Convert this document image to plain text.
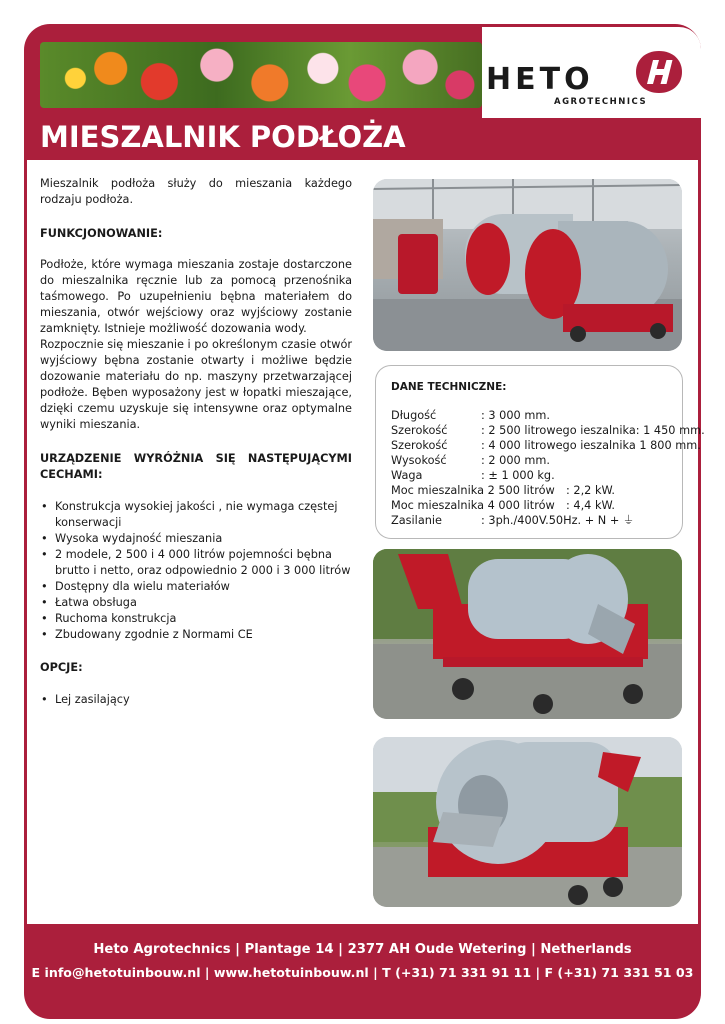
HETO
AGROTECHNICS
MIESZALNIK PODŁOŻA

Mieszalnik podłoża służy do mieszania każdego rodzaju podłoża.

FUNKCJONOWANIE:

Podłoże, które wymaga mieszania zostaje dostarczone do mieszalnika ręcznie lub za pomocą przenośnika taśmowego. Po uzupełnieniu bębna materiałem do mieszania, otwór wejściowy oraz wyjściowy zostanie zamknięty. Istnieje możliwość dozowania wody.

Rozpocznie się mieszanie i po określonym czasie otwór wyjściowy bębna zostanie otwarty i możliwe będzie dozowanie materiału do np. maszyny przetwarzającej podłoże. Bęben wyposażony jest w łopatki mieszające, dzięki czemu uzyskuje się intensywne oraz optymalne wyniki mieszania.

URZĄDZENIE WYRÓŻNIA SIĘ NASTĘPUJĄCYMI CECHAMI:

• Konstrukcja wysokiej jakości , nie wymaga częstej konserwacji
• Wysoka wydajność mieszania
• 2 modele, 2 500 i 4 000 litrów pojemności bębna brutto i netto, oraz odpowiednio 2 000 i 3 000 litrów
• Dostępny dla wielu materiałów
• Łatwa obsługa
• Ruchoma konstrukcja
• Zbudowany zgodnie z Normami CE

OPCJE:

• Lej zasilający
DANE TECHNICZNE:
Długość	: 3 000 mm.
Szerokość	: 2 500 litrowego ieszalnika: 1 450 mm.
Szerokość	: 4 000 litrowego ieszalnika 1 800 mm.
Wysokość	: 2 000 mm.
Waga	: ± 1 000 kg.
Moc mieszalnika 2 500 litrów : 2,2 kW.
Moc mieszalnika 4 000 litrów : 4,4 kW.
Zasilanie	: 3ph./400V.50Hz. + N + ⏚
Heto Agrotechnics | Plantage 14 | 2377 AH Oude Wetering | Netherlands
E info@hetotuinbouw.nl | www.hetotuinbouw.nl | T (+31) 71 331 91 11 | F (+31) 71 331 51 03
